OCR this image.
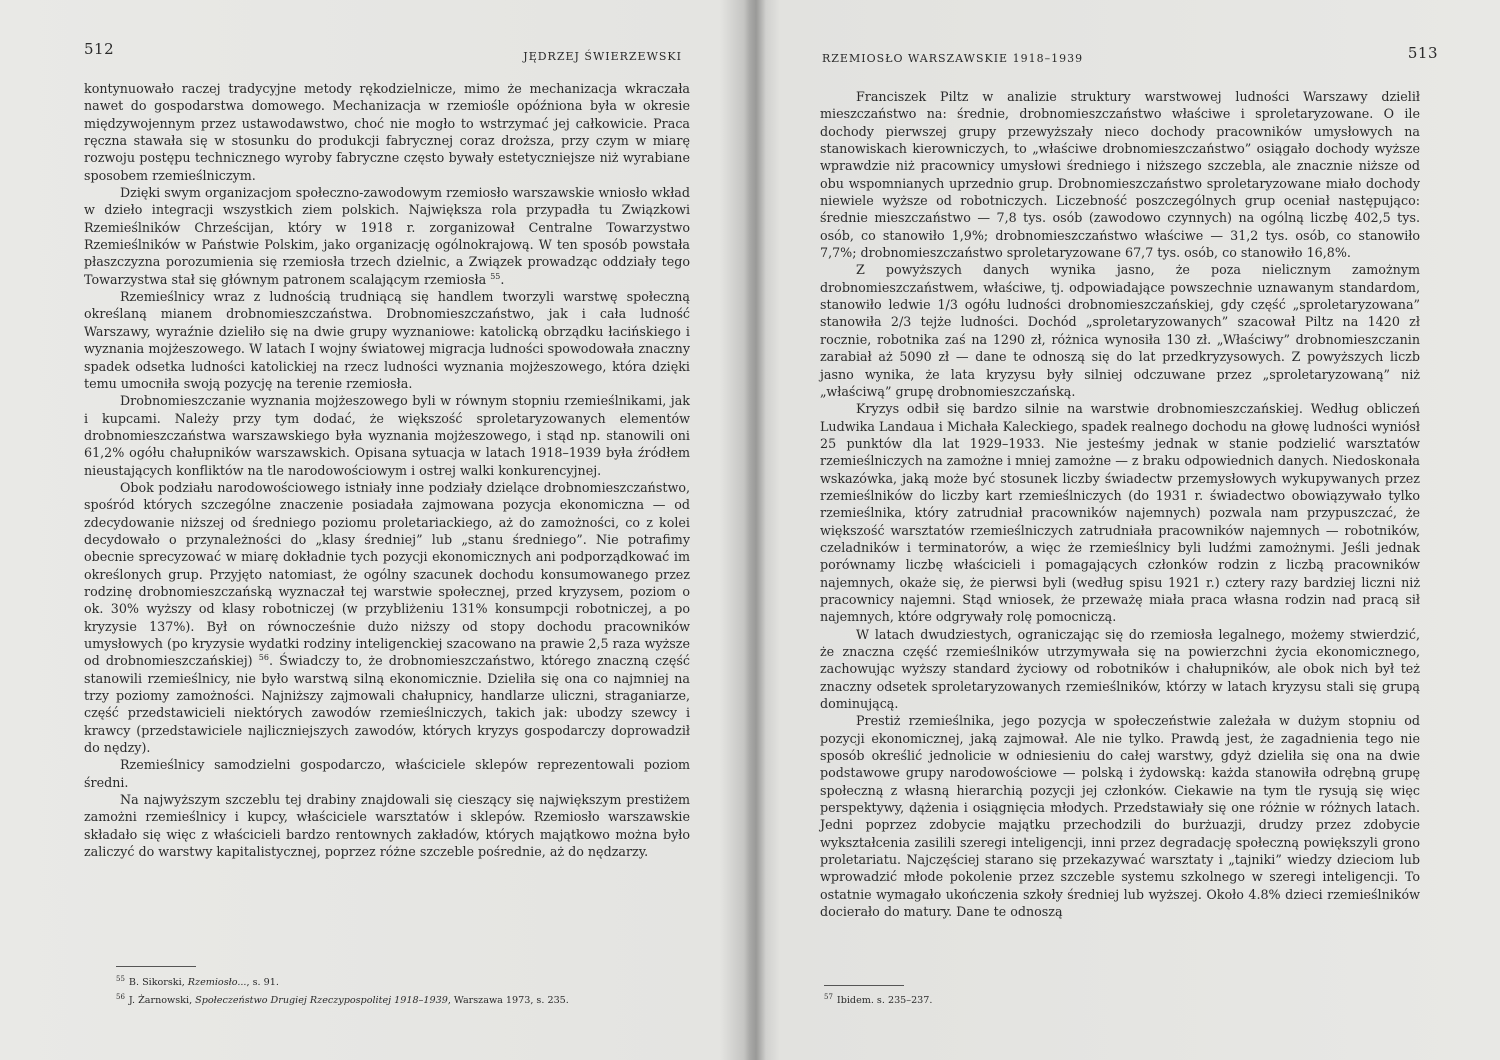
512	JĘDRZEJ ŚWIERZEWSKI

kontynuowało raczej tradycyjne metody rękodzielnicze, mimo że mechanizacja wkraczała nawet do gospodarstwa domowego. Mechanizacja w rzemiośle opóźniona była w okresie międzywojennym przez ustawodawstwo, choć nie mogło to wstrzymać jej całkowicie. Praca ręczna stawała się w stosunku do produkcji fabrycznej coraz droższa, przy czym w miarę rozwoju postępu technicznego wyroby fabryczne często bywały estetyczniejsze niż wyrabiane sposobem rzemieślniczym.

Dzięki swym organizacjom społeczno-zawodowym rzemiosło warszawskie wniosło wkład w dzieło integracji wszystkich ziem polskich. Największa rola przypadła tu Związkowi Rzemieślników Chrześcijan, który w 1918 r. zorganizował Centralne Towarzystwo Rzemieślników w Państwie Polskim, jako organizację ogólnokrajową. W ten sposób powstała płaszczyzna porozumienia się rzemiosła trzech dzielnic, a Związek prowadząc oddziały tego Towarzystwa stał się głównym patronem scalającym rzemiosła $^{55}$.

Rzemieślnicy wraz z ludnością trudniącą się handlem tworzyli warstwę społeczną określaną mianem drobnomieszczaństwa. Drobnomieszczaństwo, jak i cała ludność Warszawy, wyraźnie dzieliło się na dwie grupy wyznaniowe: katolicką obrządku łacińskiego i wyznania mojżeszowego. W latach I wojny światowej migracja ludności spowodowała znaczny spadek odsetka ludności katolickiej na rzecz ludności wyznania mojżeszowego, która dzięki temu umocniła swoją pozycję na terenie rzemiosła.

Drobnomieszczanie wyznania mojżeszowego byli w równym stopniu rzemieślnikami, jak i kupcami. Należy przy tym dodać, że większość sproletaryzowanych elementów drobnomieszczaństwa warszawskiego była wyznania mojżeszowego, i stąd np. stanowili oni 61,2% ogółu chałupników warszawskich. Opisana sytuacja w latach 1918–1939 była źródłem nieustających konfliktów na tle narodowościowym i ostrej walki konkurencyjnej.

Obok podziału narodowościowego istniały inne podziały dzielące drobnomieszczaństwo, spośród których szczególne znaczenie posiadała zajmowana pozycja ekonomiczna — od zdecydowanie niższej od średniego poziomu proletariackiego, aż do zamożności, co z kolei decydowało o przynależności do „klasy średniej” lub „stanu średniego”. Nie potrafimy obecnie sprecyzować w miarę dokładnie tych pozycji ekonomicznych ani podporządkować im określonych grup. Przyjęto natomiast, że ogólny szacunek dochodu konsumowanego przez rodzinę drobnomieszczańską wyznaczał tej warstwie społecznej, przed kryzysem, poziom o ok. 30% wyższy od klasy robotniczej (w przybliżeniu 131% konsumpcji robotniczej, a po kryzysie 137%). Był on równocześnie dużo niższy od stopy dochodu pracowników umysłowych (po kryzysie wydatki rodziny inteligenckiej szacowano na prawie 2,5 raza wyższe od drobnomieszczańskiej) $^{56}$. Świadczy to, że drobnomieszczaństwo, którego znaczną część stanowili rzemieślnicy, nie było warstwą silną ekonomicznie. Dzieliła się ona co najmniej na trzy poziomy zamożności. Najniższy zajmowali chałupnicy, handlarze uliczni, straganiarze, część przedstawicieli niektórych zawodów rzemieślniczych, takich jak: ubodzy szewcy i krawcy (przedstawiciele najliczniejszych zawodów, których kryzys gospodarczy doprowadził do nędzy).

Rzemieślnicy samodzielni gospodarczo, właściciele sklepów reprezentowali poziom średni.

Na najwyższym szczeblu tej drabiny znajdowali się cieszący się największym prestiżem zamożni rzemieślnicy i kupcy, właściciele warsztatów i sklepów. Rzemiosło warszawskie składało się więc z właścicieli bardzo rentownych zakładów, których majątkowo można było zaliczyć do warstwy kapitalistycznej, poprzez różne szczeble pośrednie, aż do nędzarzy.

$^{55}$ B. Sikorski, Rzemiosło..., s. 91.
$^{56}$ J. Żarnowski, Społeczeństwo Drugiej Rzeczypospolitej 1918–1939, Warszawa 1973, s. 235.
RZEMIOSŁO WARSZAWSKIE 1918–1939	513

Franciszek Piltz w analizie struktury warstwowej ludności Warszawy dzielił mieszczaństwo na: średnie, drobnomieszczaństwo właściwe i sproletaryzowane. O ile dochody pierwszej grupy przewyższały nieco dochody pracowników umysłowych na stanowiskach kierowniczych, to „właściwe drobnomieszczaństwo” osiągało dochody wyższe wprawdzie niż pracownicy umysłowi średniego i niższego szczebla, ale znacznie niższe od obu wspomnianych uprzednio grup. Drobnomieszczaństwo sproletaryzowane miało dochody niewiele wyższe od robotniczych. Liczebność poszczególnych grup oceniał następująco: średnie mieszczaństwo — 7,8 tys. osób (zawodowo czynnych) na ogólną liczbę 402,5 tys. osób, co stanowiło 1,9%; drobnomieszczaństwo właściwe — 31,2 tys. osób, co stanowiło 7,7%; drobnomieszczaństwo sproletaryzowane 67,7 tys. osób, co stanowiło 16,8%.

Z powyższych danych wynika jasno, że poza nielicznym zamożnym drobnomieszczaństwem, właściwe, tj. odpowiadające powszechnie uznawanym standardom, stanowiło ledwie 1/3 ogółu ludności drobnomieszczańskiej, gdy część „sproletaryzowana” stanowiła 2/3 tejże ludności. Dochód „sproletaryzowanych” szacował Piltz na 1420 zł rocznie, robotnika zaś na 1290 zł, różnica wynosiła 130 zł. „Właściwy” drobnomieszczanin zarabiał aż 5090 zł — dane te odnoszą się do lat przedkryzysowych. Z powyższych liczb jasno wynika, że lata kryzysu były silniej odczuwane przez „sproletaryzowaną” niż „właściwą” grupę drobnomieszczańską.

Kryzys odbił się bardzo silnie na warstwie drobnomieszczańskiej. Według obliczeń Ludwika Landaua i Michała Kaleckiego, spadek realnego dochodu na głowę ludności wyniósł 25 punktów dla lat 1929–1933. Nie jesteśmy jednak w stanie podzielić warsztatów rzemieślniczych na zamożne i mniej zamożne — z braku odpowiednich danych. Niedoskonała wskazówka, jaką może być stosunek liczby świadectw przemysłowych wykupywanych przez rzemieślników do liczby kart rzemieślniczych (do 1931 r. świadectwo obowiązywało tylko rzemieślnika, który zatrudniał pracowników najemnych) pozwala nam przypuszczać, że większość warsztatów rzemieślniczych zatrudniała pracowników najemnych — robotników, czeladników i terminatorów, a więc że rzemieślnicy byli ludźmi zamożnymi. Jeśli jednak porównamy liczbę właścicieli i pomagających członków rodzin z liczbą pracowników najemnych, okaże się, że pierwsi byli (według spisu 1921 r.) cztery razy bardziej liczni niż pracownicy najemni. Stąd wniosek, że przeważę miała praca własna rodzin nad pracą sił najemnych, które odgrywały rolę pomocniczą.

W latach dwudziestych, ograniczając się do rzemiosła legalnego, możemy stwierdzić, że znaczna część rzemieślników utrzymywała się na powierzchni życia ekonomicznego, zachowując wyższy standard życiowy od robotników i chałupników, ale obok nich był też znaczny odsetek sproletaryzowanych rzemieślników, którzy w latach kryzysu stali się grupą dominującą.

Prestiż rzemieślnika, jego pozycja w społeczeństwie zależała w dużym stopniu od pozycji ekonomicznej, jaką zajmował. Ale nie tylko. Prawdą jest, że zagadnienia tego nie sposób określić jednolicie w odniesieniu do całej warstwy, gdyż dzieliła się ona na dwie podstawowe grupy narodowościowe — polską i żydowską: każda stanowiła odrębną grupę społeczną z własną hierarchią pozycji jej członków. Ciekawie na tym tle rysują się więc perspektywy, dążenia i osiągnięcia młodych. Przedstawiały się one różnie w różnych latach. Jedni poprzez zdobycie majątku przechodzili do burżuazji, drudzy przez zdobycie wykształcenia zasilili szeregi inteligencji, inni przez degradację społeczną powiększyli grono proletariatu. Najczęściej starano się przekazywać warsztaty i „tajniki” wiedzy dzieciom lub wprowadzić młode pokolenie przez szczeble systemu szkolnego w szeregi inteligencji. To ostatnie wymagało ukończenia szkoły średniej lub wyższej. Około 4.8% dzieci rzemieślników docierało do matury. Dane te odnoszą

$^{57}$ Ibidem. s. 235–237.
